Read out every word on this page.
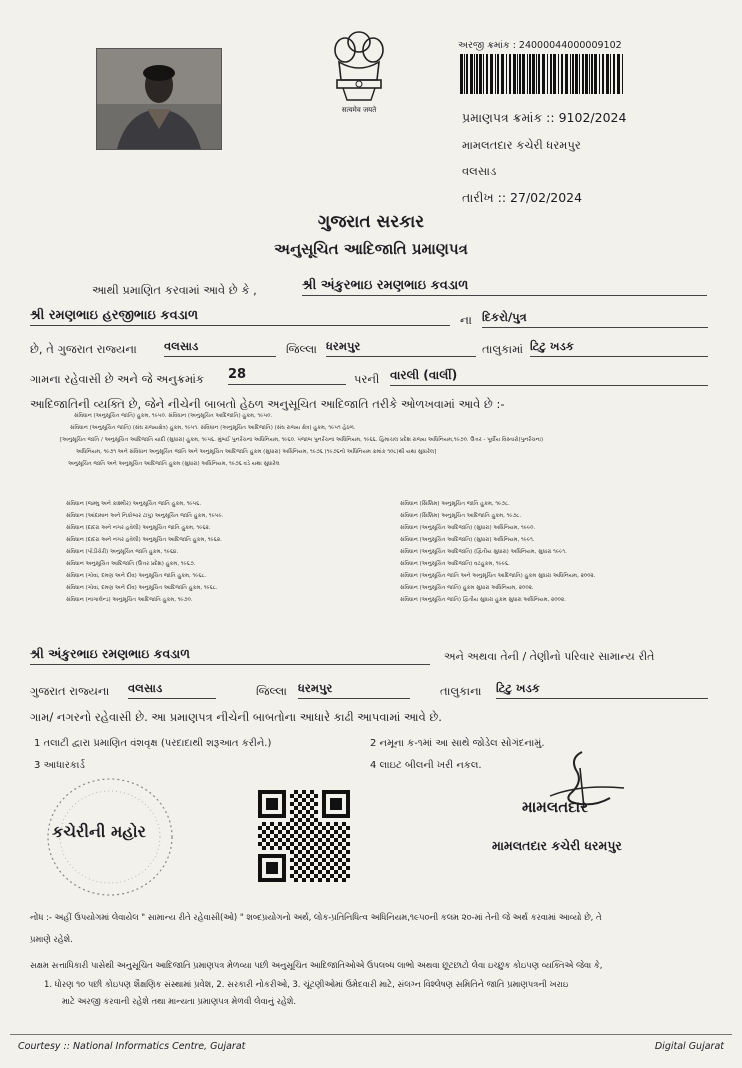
सत्यमेव जयते
અરજી ક્રમાંક : 24000044000009102
પ્રમાણપત્ર ક્રમાંક :: 9102/2024
મામલતદાર કચેરી ધરમપુર
વલસાડ
તારીખ :: 27/02/2024
ગુજરાત સરકાર
અનુસૂચિત આદિજાતિ પ્રમાણપત્ર
આથી પ્રમાણિત કરવામાં આવે છે કે ,	શ્રી અંકુરભાઇ રમણભાઇ કવડાળ
શ્રી રમણભાઇ હરજીભાઇ કવડાળ	ના દિકરો/પુત્ર
છે, તે ગુજરાત રાજ્યના વલસાડ	જિલ્લા ધરમપુર	તાલુકામાં ટિટુ ખડક
ગામના રહેવાસી છે અને જે અનુક્રમાંક 28	પરની વારલી (વાર્લી)
આદિજાતિની વ્યક્તિ છે, જેને નીચેની બાબતો હેઠળ અનુસૂચિત આદિજાતિ તરીકે ઓળખવામાં આવે છે :-
સંવિધાન (અનુસૂચિત જાતિ) હુકમ, ૧૯૫૦. સંવિધાન (અનુસૂચિત આદિજાતિ) હુકમ, ૧૯૫૦.
સંવિધાન (અનુસૂચિત જાતિ) (સંઘ રાજ્યક્ષેત્ર) હુકમ, ૧૯૫૧. સંવિધાન (અનુસૂચિત આદિજાતિ) (સંઘ રાજ્ય ક્ષેત્ર) હુકમ, ૧૯૫૧ હેઠળ.
[અનુસૂચિત જાતિ / અનુસૂચિત આદિજાતિ યાદી (સુધારા) હુકમ, ૧૯૫૬. મુંબઈ પુનર્રચના અધિનિયમ, ૧૯૬૦. પંજાબ પુનર્રચના અધિનિયમ, ૧૯૬૬. હિમાચલ પ્રદેશ રાજ્ય અધિનિયમ,૧૯૭૦. ઉત્તર - પૂર્વીય વિસ્તારો(પુનર્રચના)
અધિનિયમ, ૧૯૭૧ અને સંવિધાન અનુસૂચિત જાતિ અને અનુસૂચિત આદિજાતિ હુકમ (સુધારા) અધિનિયમ, ૧૯૭૬ (૧૯૭૬નો અધિનિયમ ક્રમાંક ૧૦૮)થી યથા સુધારેલ]
અનુસૂચિત જાતિ અને અનુસૂચિત આદિજાતિ હુકમ (સુધારા) અધિનિયમ, ૧૯૭૬ વડે યથા સુધારેલ
સંવિધાન (જમ્મુ અને કાશ્મીર) અનુસૂચિત જાતિ હુકમ, ૧૯૫૬.
સંવિધાન (આંદામાન અને નિકોબાર ટાપુ) અનુસૂચિત જાતિ હુકમ, ૧૯૫૯.
સંવિધાન (દાદરા અને નગર હવેલી) અનુસૂચિત જાતિ હુકમ, ૧૯૬૨.
સંવિધાન (દાદરા અને નગર હવેલી) અનુસૂચિત આદિજાતિ હુકમ, ૧૯૬૨.
સંવિધાન (પોંડીચેરી) અનુસૂચિત જાતિ હુકમ, ૧૯૬૪.
સંવિધાન અનુસૂચિત આદિજાતિ (ઉત્તર પ્રદેશ) હુકમ, ૧૯૬૭.
સંવિધાન (ગોવા, દમણ અને દીવ) અનુસૂચિત જાતિ હુકમ, ૧૯૬૮.
સંવિધાન (ગોવા, દમણ અને દીવ) અનુસૂચિત આદિજાતિ હુકમ, ૧૯૬૮.
સંવિધાન (નાગાલેન્ડ) અનુસૂચિત આદિજાતિ હુકમ, ૧૯૭૦.
સંવિધાન (સિક્કિમ) અનુસૂચિત જાતિ હુકમ, ૧૯૭૮.
સંવિધાન (સિક્કિમ) અનુસૂચિત આદિજાતિ હુકમ, ૧૯૭૮.
સંવિધાન (અનુસૂચિત આદિજાતિ) (સુધારા) અધિનિયમ, ૧૯૯૦.
સંવિધાન (અનુસૂચિત આદિજાતિ) (સુધારા) અધિનિયમ, ૧૯૯૧.
સંવિધાન (અનુસૂચિત આદિજાતિ) (દ્વિતીય સુધારા) અધિનિયમ, સુધારા ૧૯૯૧.
સંવિધાન (અનુસૂચિત આદિજાતિ) વટહુકમ, ૧૯૯૬.
સંવિધાન (અનુસૂચિત જાતિ અને અનુસૂચિત આદિજાતિ) હુકમ સુધારા અધિનિયમ, ૨૦૦૨.
સંવિધાન (અનુસૂચિત જાતિ) હુકમ સુધારા અધિનિયમ, ૨૦૦૨.
સંવિધાન (અનુસૂચિત જાતિ) દ્વિતીય સુધારા હુકમ સુધારા અધિનિયમ, ૨૦૦૨.
શ્રી અંકુરભાઇ રમણભાઇ કવડાળ	અને અથવા તેની / તેણીનો પરિવાર સામાન્ય રીતે
ગુજરાત રાજ્યના વલસાડ	જિલ્લા ધરમપુર	તાલુકાના ટિટુ ખડક
ગામ/ નગરનો રહેવાસી છે. આ પ્રમાણપત્ર નીચેની બાબતોના આધારે કાઢી આપવામાં આવે છે.
1 તલાટી દ્વારા પ્રમાણિત વંશવૃક્ષ (પરદાદાથી શરૂઆત કરીને.)	2 નમૂના ક-૧માં આ સાથે જોડેલ સોગંદનામું.
3 આધારકાર્ડ	4 લાઇટ બીલની ખરી નકલ.
કચેરીની મહોર
મામલતદાર
મામલતદાર કચેરી ધરમપુર
નોંધ :- અહીં ઉપયોગમાં લેવાયેલ " સામાન્ય રીતે રહેવાસી(ઓ) " શબ્દપ્રયોગનો અર્થ, લોક-પ્રતિનિધિત્વ અધિનિયમ,૧૯૫૦ની કલમ ૨૦-માં તેની જે અર્થ કરવામાં આવ્યો છે, તે
પ્રમાણે રહેશે.
સક્ષમ સત્તાધિકારી પાસેથી અનુસૂચિત આદિજાતિ પ્રમાણપત્ર મેળવ્યા પછી અનુસૂચિત આદિજાતિઓએ ઉપલબ્ધ લાભો અથવા છૂટછાટો લેવા ઇચ્છુક કોઇપણ વ્યક્તિએ જેવા કે,
1. ધોરણ ૧૦ પછી કોઇપણ શૈક્ષણિક સંસ્થામાં પ્રવેશ, 2. સરકારી નોકરીઓ, 3. ચૂંટણીઓમાં ઉમેદવારી માટે, સંલગ્ન વિશ્લેષણ સમિતિને જાતિ પ્રમાણપત્રની ખરાઇ
માટે અરજી કરવાની રહેશે તથા માન્યતા પ્રમાણપત્ર મેળવી લેવાનું રહેશે.
Courtesy :: National Informatics Centre, Gujarat	Digital Gujarat
